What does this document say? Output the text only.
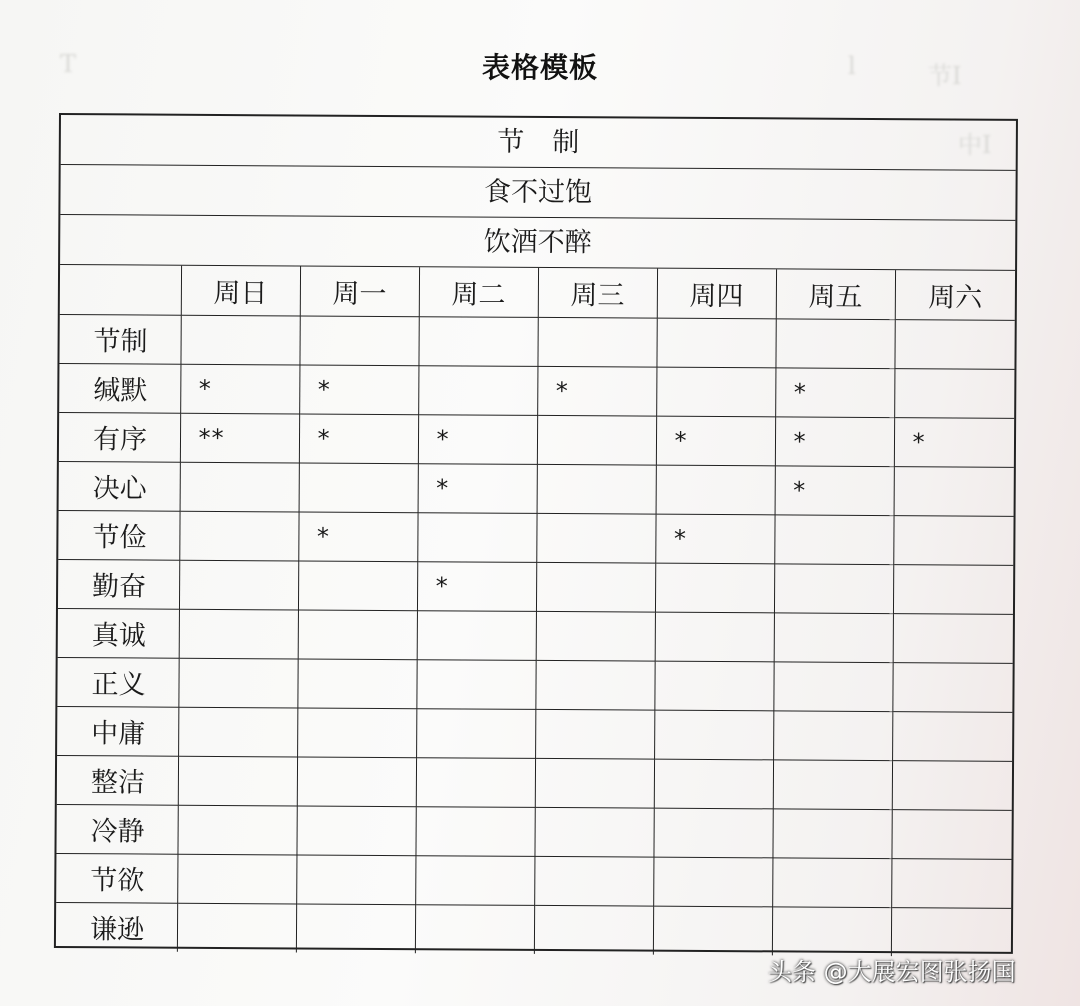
T	l	节I
中I
表格模板
节制
食不过饱
饮酒不醉
	周日	周一	周二	周三	周四	周五	周六
节制							
缄默	*	*		*		*	
有序	**	*	*		*	*	*
决心			*			*	
节俭		*			*		
勤奋			*				
真诚							
正义							
中庸							
整洁							
冷静							
节欲							
谦逊							
头条 @大展宏图张扬国
